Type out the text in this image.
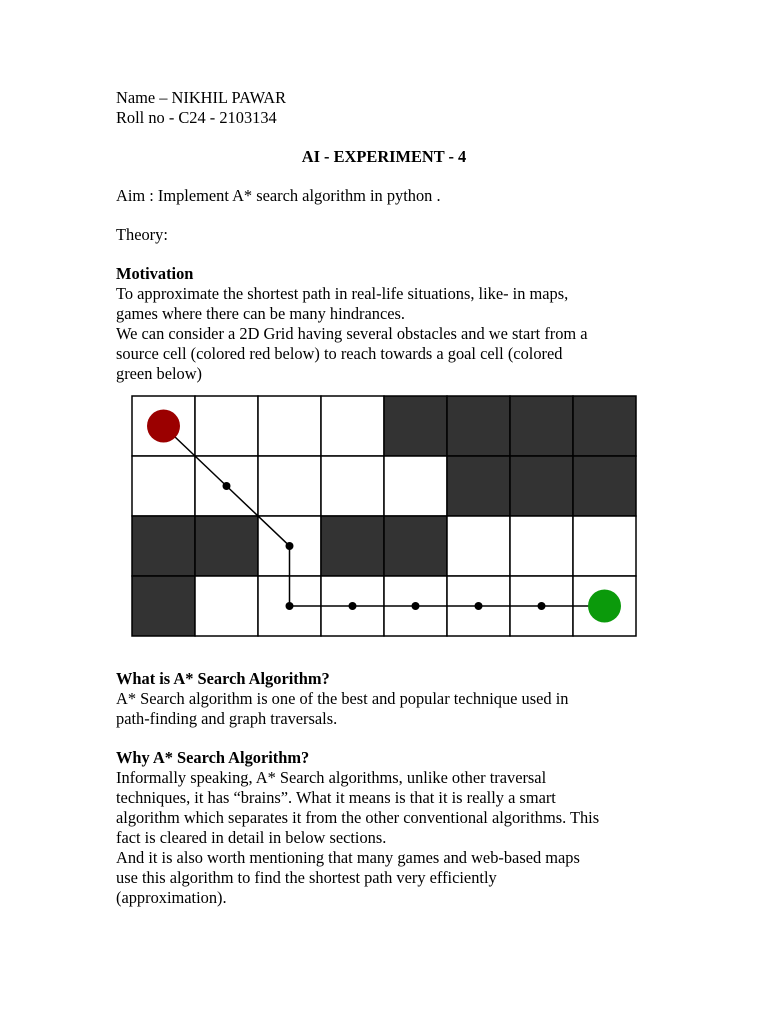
Name – NIKHIL PAWAR

Roll no - C24 - 2103134

AI - EXPERIMENT - 4

Aim : Implement A* search algorithm in python .

Theory:

Motivation

To approximate the shortest path in real-life situations, like- in maps,
games where there can be many hindrances.
We can consider a 2D Grid having several obstacles and we start from a
source cell (colored red below) to reach towards a goal cell (colored
green below)

What is A* Search Algorithm?

A* Search algorithm is one of the best and popular technique used in
path-finding and graph traversals.

Why A* Search Algorithm?

Informally speaking, A* Search algorithms, unlike other traversal
techniques, it has “brains”. What it means is that it is really a smart
algorithm which separates it from the other conventional algorithms. This
fact is cleared in detail in below sections.
And it is also worth mentioning that many games and web-based maps
use this algorithm to find the shortest path very efficiently
(approximation).
